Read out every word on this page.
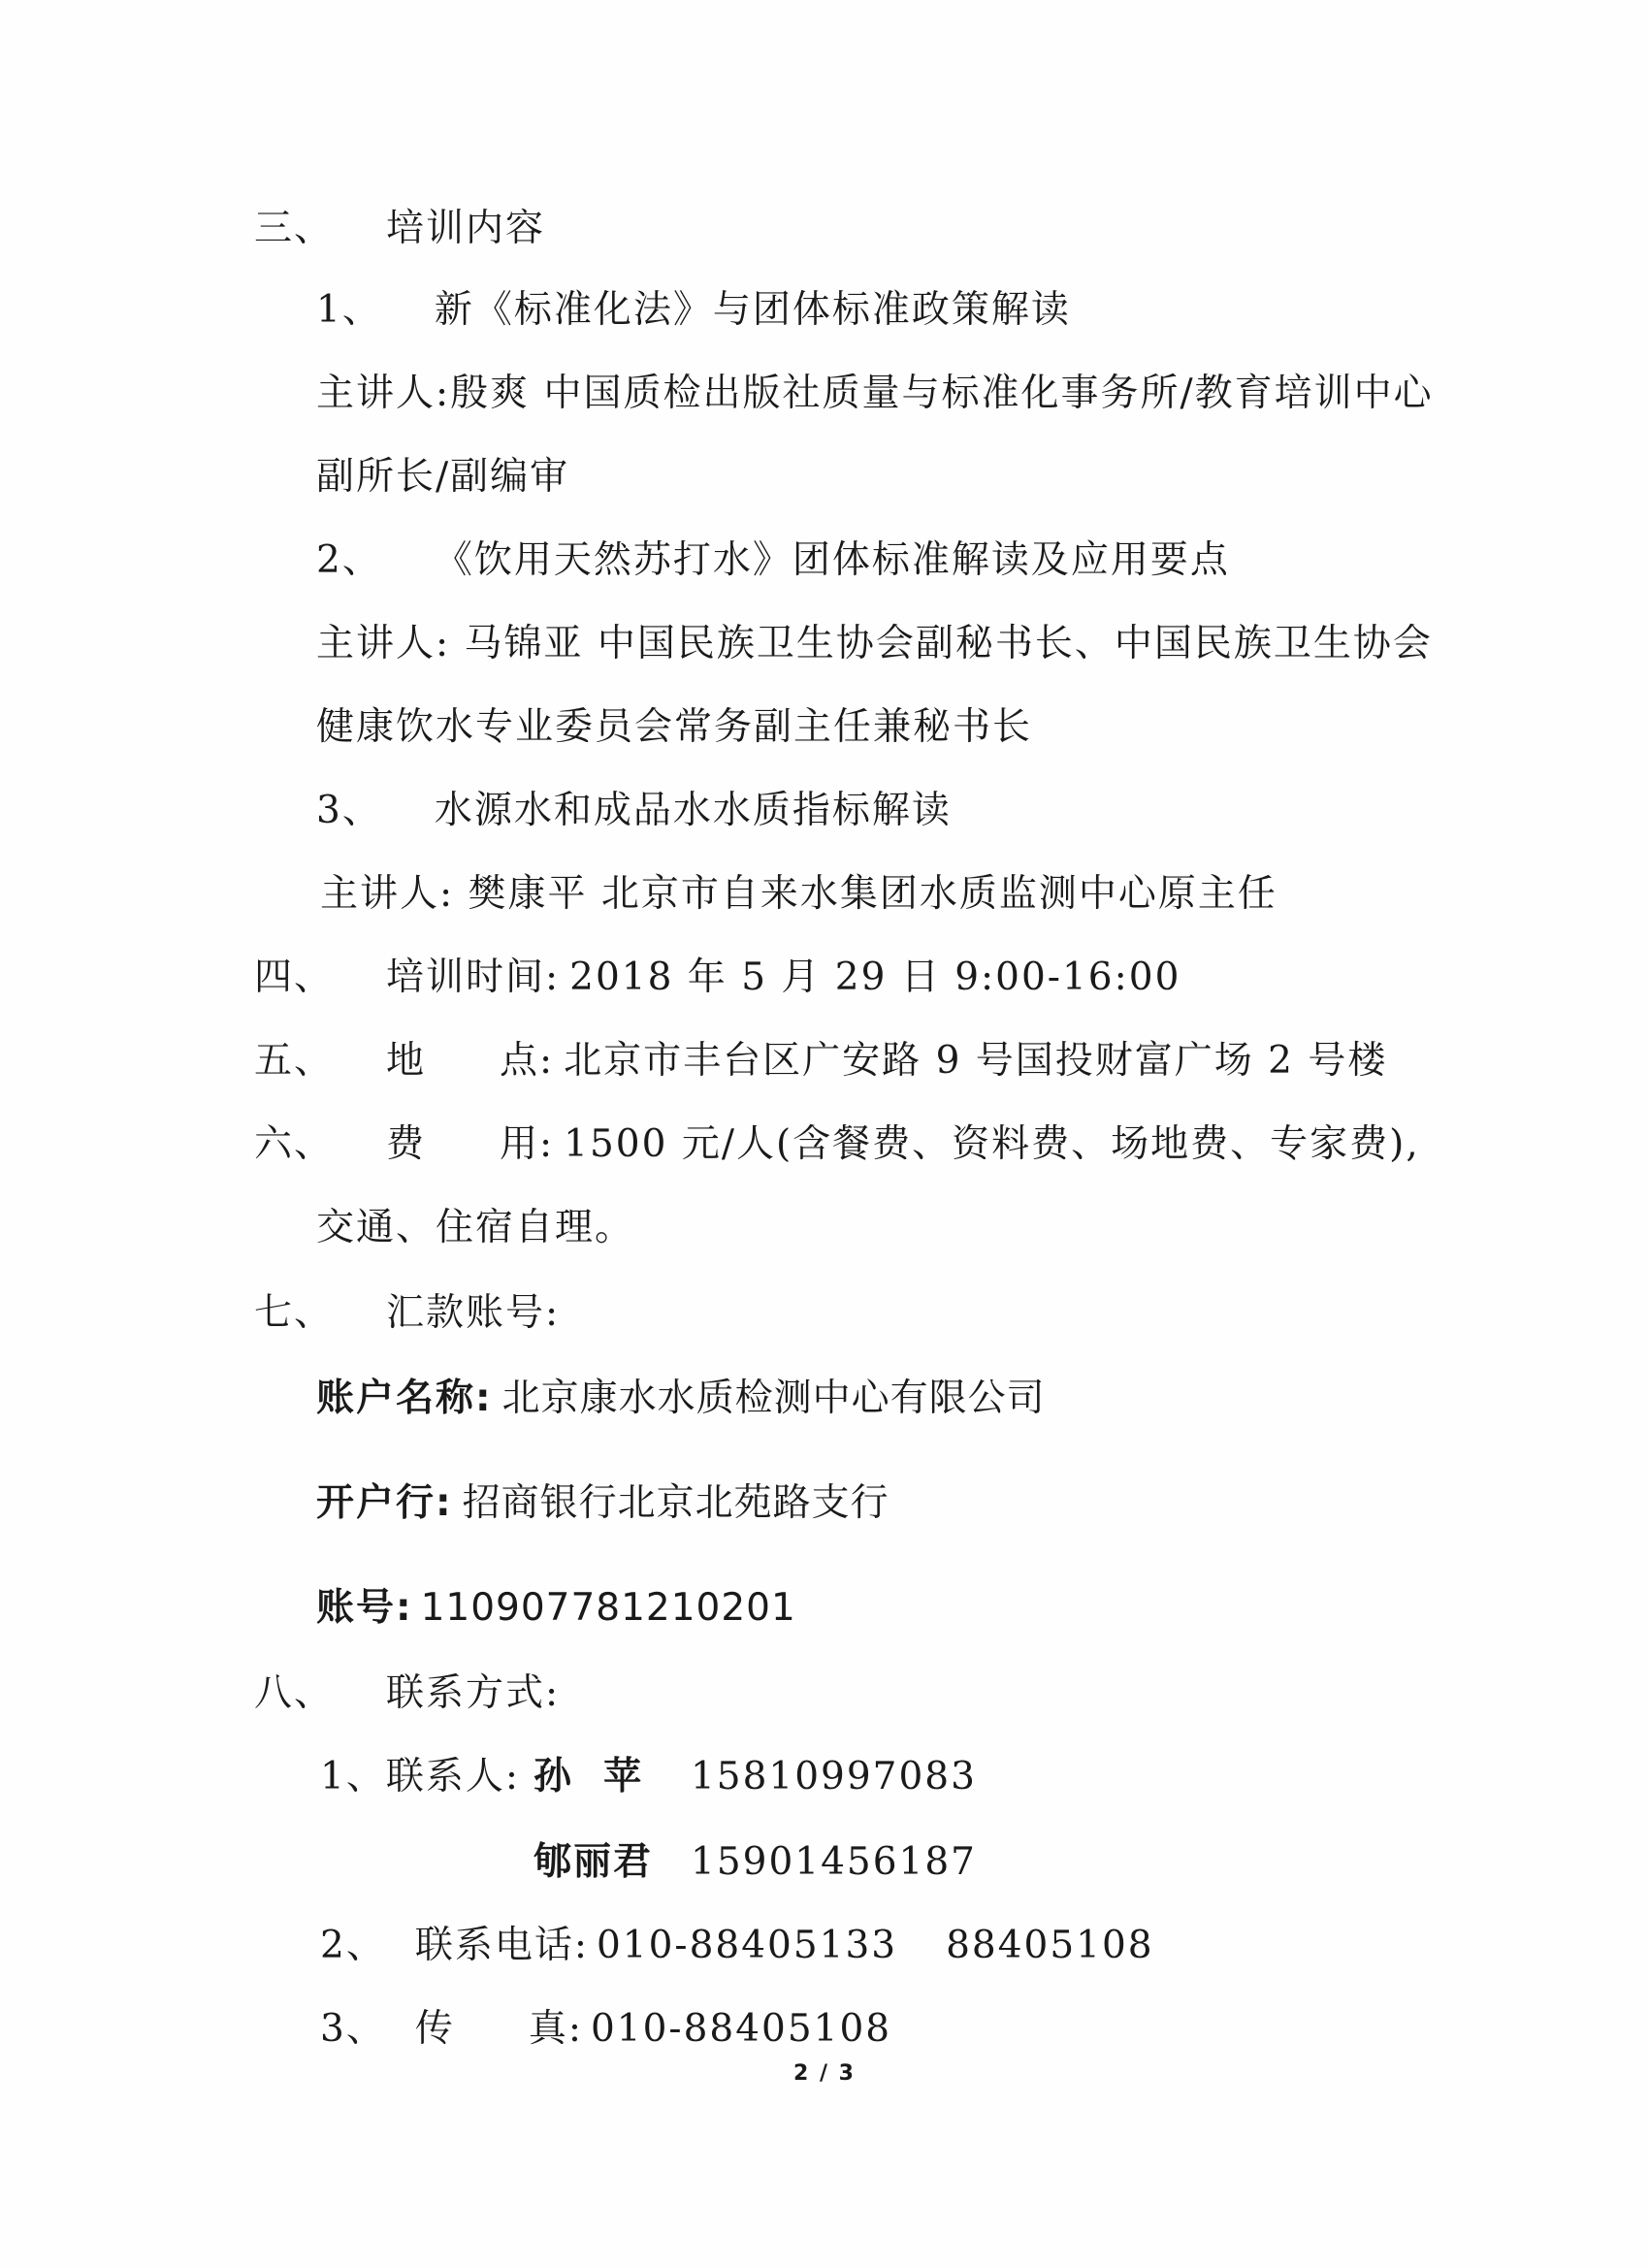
三、 培训内容
1、 新《标准化法》与团体标准政策解读
主讲人:殷爽 中国质检出版社质量与标准化事务所/教育培训中心
副所长/副编审
2、 《饮用天然苏打水》团体标准解读及应用要点
主讲人: 马锦亚 中国民族卫生协会副秘书长、中国民族卫生协会
健康饮水专业委员会常务副主任兼秘书长
3、 水源水和成品水水质指标解读
主讲人: 樊康平 北京市自来水集团水质监测中心原主任
四、 培训时间: 2018 年 5 月 29 日 9:00-16:00
五、 地 点: 北京市丰台区广安路 9 号国投财富广场 2 号楼
六、 费 用: 1500 元/人(含餐费、资料费、场地费、专家费),
交通、住宿自理。
七、 汇款账号:
账户名称: 北京康水水质检测中心有限公司
开户行: 招商银行北京北苑路支行
账号: 110907781210201
八、 联系方式:
1、联系人: 孙  苹 15810997083
郇丽君 15901456187
2、 联系电话: 010-88405133 88405108
3、 传 真: 010-88405108
2 / 3
